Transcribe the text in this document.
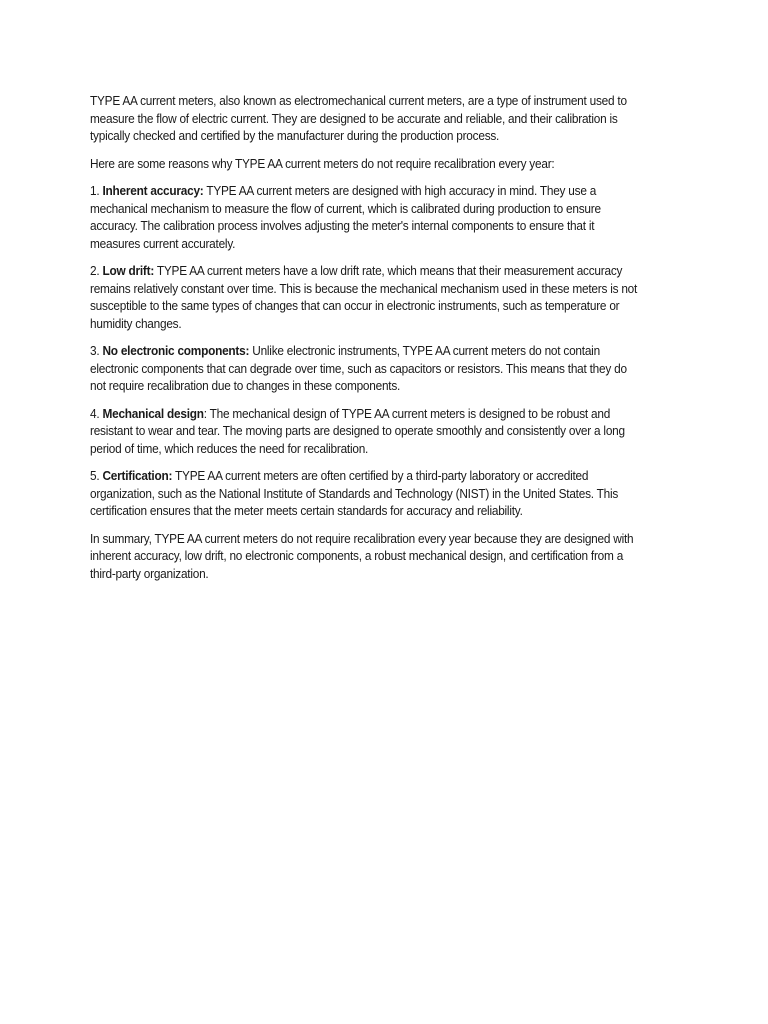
TYPE AA current meters, also known as electromechanical current meters, are a type of instrument used to measure the flow of electric current. They are designed to be accurate and reliable, and their calibration is typically checked and certified by the manufacturer during the production process.

Here are some reasons why TYPE AA current meters do not require recalibration every year:

1. Inherent accuracy: TYPE AA current meters are designed with high accuracy in mind. They use a mechanical mechanism to measure the flow of current, which is calibrated during production to ensure accuracy. The calibration process involves adjusting the meter's internal components to ensure that it measures current accurately.

2. Low drift: TYPE AA current meters have a low drift rate, which means that their measurement accuracy remains relatively constant over time. This is because the mechanical mechanism used in these meters is not susceptible to the same types of changes that can occur in electronic instruments, such as temperature or humidity changes.

3. No electronic components: Unlike electronic instruments, TYPE AA current meters do not contain electronic components that can degrade over time, such as capacitors or resistors. This means that they do not require recalibration due to changes in these components.

4. Mechanical design: The mechanical design of TYPE AA current meters is designed to be robust and resistant to wear and tear. The moving parts are designed to operate smoothly and consistently over a long period of time, which reduces the need for recalibration.

5. Certification: TYPE AA current meters are often certified by a third-party laboratory or accredited organization, such as the National Institute of Standards and Technology (NIST) in the United States. This certification ensures that the meter meets certain standards for accuracy and reliability.

In summary, TYPE AA current meters do not require recalibration every year because they are designed with inherent accuracy, low drift, no electronic components, a robust mechanical design, and certification from a third-party organization.
